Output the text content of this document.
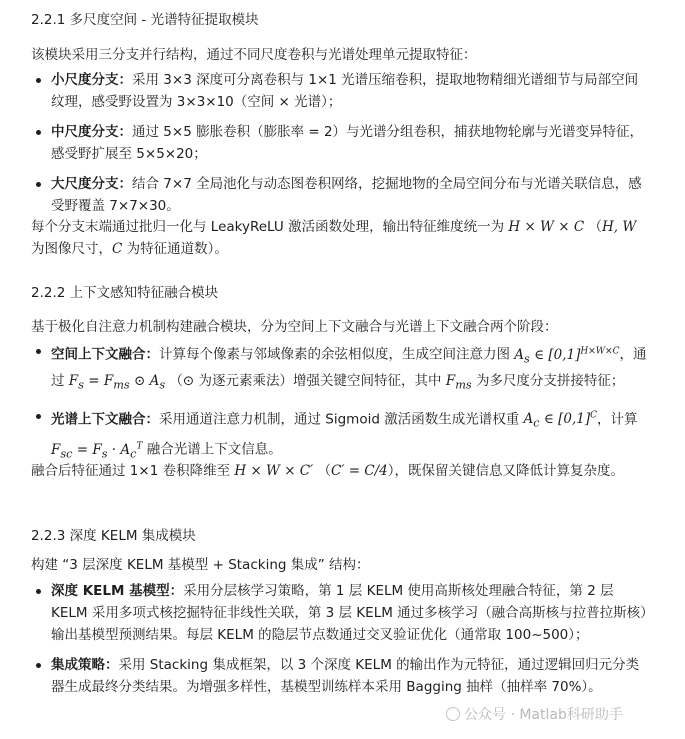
2.2.1 多尺度空间 - 光谱特征提取模块
该模块采用三分支并行结构，通过不同尺度卷积与光谱处理单元提取特征：
小尺度分支：采用 3×3 深度可分离卷积与 1×1 光谱压缩卷积，提取地物精细光谱细节与局部空间纹理，感受野设置为 3×3×10（空间 × 光谱）；
中尺度分支：通过 5×5 膨胀卷积（膨胀率 = 2）与光谱分组卷积，捕获地物轮廓与光谱变异特征，感受野扩展至 5×5×20；
大尺度分支：结合 7×7 全局池化与动态图卷积网络，挖掘地物的全局空间分布与光谱关联信息，感受野覆盖 7×7×30。
每个分支末端通过批归一化与 LeakyReLU 激活函数处理，输出特征维度统一为 H × W × C （H, W 为图像尺寸，C 为特征通道数）。
2.2.2 上下文感知特征融合模块
基于极化自注意力机制构建融合模块，分为空间上下文融合与光谱上下文融合两个阶段：
空间上下文融合：计算每个像素与邻域像素的余弦相似度，生成空间注意力图 $A_s$ ∈ $[0,1]^{H\times W\times C}$，通过 $F_s = F_{ms}$ ⊙ $A_s$ （⊙ 为逐元素乘法）增强关键空间特征，其中 $F_{ms}$ 为多尺度分支拼接特征；
光谱上下文融合：采用通道注意力机制，通过 Sigmoid 激活函数生成光谱权重 $A_c$ ∈ $[0,1]^C$，计算 $F_{sc} = F_s \cdot A_c^T$ 融合光谱上下文信息。
融合后特征通过 1×1 卷积降维至 H × W × C′ （C′ = C/4），既保留关键信息又降低计算复杂度。
2.2.3 深度 KELM 集成模块
构建 “3 层深度 KELM 基模型 + Stacking 集成” 结构：
深度 KELM 基模型：采用分层核学习策略，第 1 层 KELM 使用高斯核处理融合特征，第 2 层 KELM 采用多项式核挖掘特征非线性关联，第 3 层 KELM 通过多核学习（融合高斯核与拉普拉斯核）输出基模型预测结果。每层 KELM 的隐层节点数通过交叉验证优化（通常取 100~500）；
集成策略：采用 Stacking 集成框架，以 3 个深度 KELM 的输出作为元特征，通过逻辑回归元分类器生成最终分类结果。为增强多样性，基模型训练样本采用 Bagging 抽样（抽样率 70%）。
公众号 · Matlab科研助手
